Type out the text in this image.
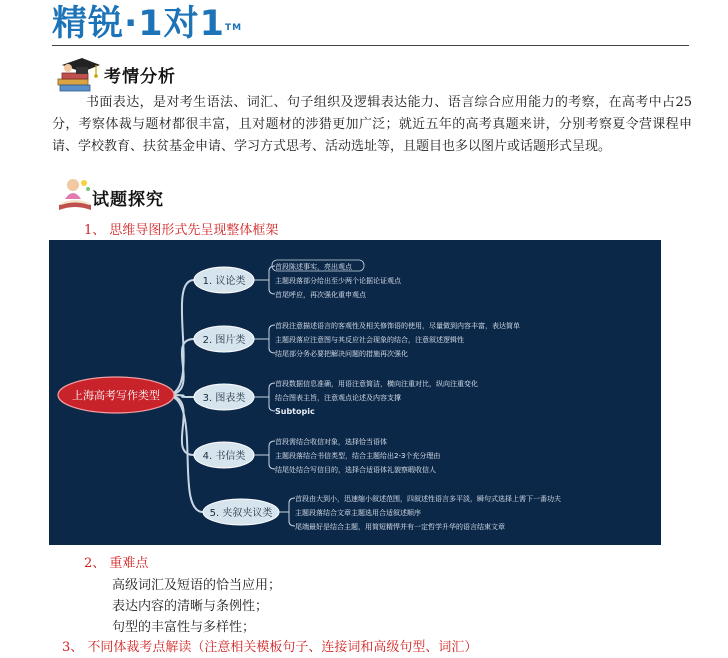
精锐·1对1™
考情分析
书面表达，是对考生语法、词汇、句子组织及逻辑表达能力、语言综合应用能力的考察，在高考中占25分，考察体裁与题材都很丰富，且对题材的涉猎更加广泛；就近五年的高考真题来讲，分别考察夏令营课程申请、学校教育、扶贫基金申请、学习方式思考、活动选址等，且题目也多以图片或话题形式呈现。
试题探究
1、 思维导图形式先呈现整体框架
1. 议论类
首段陈述事实，亮出观点
主题段落部分给出至少两个论据论证观点
首尾呼应，再次强化重申观点
2. 图片类
首段注意描述语言的客观性及相关修饰语的使用，尽量做到内容丰富，表达简单
主题段落应注意图与其反应社会现象的结合，注意叙述逻辑性
结尾部分务必要把解决问题的措施再次强化
3. 图表类
首段数据信息准确，用语注意简洁，横向注重对比，纵向注重变化
结合图表主旨，注意观点论述及内容支撑
Subtopic
4. 书信类
首段需结合收信对象，选择恰当语体
主题段落结合书信类型，结合主题给出2-3个充分理由
结尾处结合写信目的，选择合适语体礼貌察暇收信人
5. 夹叙夹议类
首段由大到小，迅速缩小叙述范围，四叙述性语言多平淡，瞬句式选择上需下一番功夫
主题段落结合文章主题选用合适叙述顺序
尾端最好是结合主题，用简短精悍并有一定哲学升华的语言结束文章
上海高考写作类型
2、 重难点
高级词汇及短语的恰当应用；
表达内容的清晰与条例性；
句型的丰富性与多样性；
3、 不同体裁考点解读（注意相关模板句子、连接词和高级句型、词汇）
